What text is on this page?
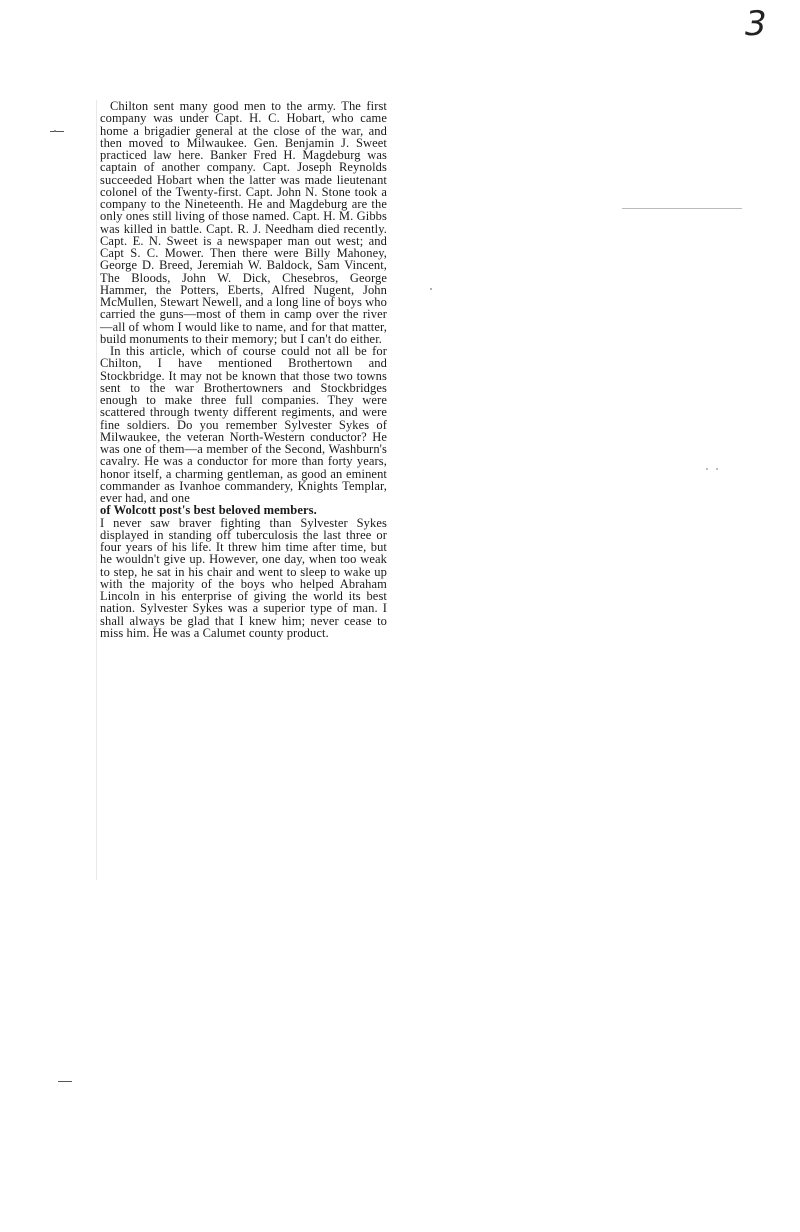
3

Chilton sent many good men to the army. The first company was under Capt. H. C. Hobart, who came home a brigadier general at the close of the war, and then moved to Milwaukee. Gen. Benjamin J. Sweet practiced law here. Banker Fred H. Magdeburg was captain of another company. Capt. Joseph Reynolds succeeded Hobart when the latter was made lieutenant colonel of the Twenty-first. Capt. John N. Stone took a company to the Nineteenth. He and Magdeburg are the only ones still living of those named. Capt. H. M. Gibbs was killed in battle. Capt. R. J. Needham died recently. Capt. E. N. Sweet is a newspaper man out west; and Capt S. C. Mower. Then there were Billy Mahoney, George D. Breed, Jeremiah W. Baldock, Sam Vincent, The Bloods, John W. Dick, Chesebros, George Hammer, the Potters, Eberts, Alfred Nugent, John McMullen, Stewart Newell, and a long line of boys who carried the guns—most of them in camp over the river—all of whom I would like to name, and for that matter, build monuments to their memory; but I can't do either.

In this article, which of course could not all be for Chilton, I have mentioned Brothertown and Stockbridge. It may not be known that those two towns sent to the war Brothertowners and Stockbridges enough to make three full companies. They were scattered through twenty different regiments, and were fine soldiers. Do you remember Sylvester Sykes of Milwaukee, the veteran North-Western conductor? He was one of them—a member of the Second, Washburn's cavalry. He was a conductor for more than forty years, honor itself, a charming gentleman, as good an eminent commander as Ivanhoe commandery, Knights Templar, ever had, and one

of Wolcott post's best beloved members.

I never saw braver fighting than Sylvester Sykes displayed in standing off tuberculosis the last three or four years of his life. It threw him time after time, but he wouldn't give up. However, one day, when too weak to step, he sat in his chair and went to sleep to wake up with the majority of the boys who helped Abraham Lincoln in his enterprise of giving the world its best nation. Sylvester Sykes was a superior type of man. I shall always be glad that I knew him; never cease to miss him. He was a Calumet county product.
